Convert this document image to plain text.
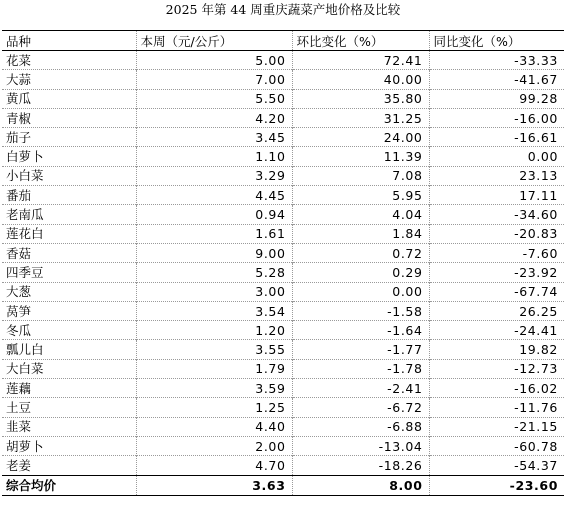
2025 年第 44 周重庆蔬菜产地价格及比较
品种	本周（元/公斤）	环比变化（%）	同比变化（%）
花菜	5.00	72.41	-33.33
大蒜	7.00	40.00	-41.67
黄瓜	5.50	35.80	99.28
青椒	4.20	31.25	-16.00
茄子	3.45	24.00	-16.61
白萝卜	1.10	11.39	0.00
小白菜	3.29	7.08	23.13
番茄	4.45	5.95	17.11
老南瓜	0.94	4.04	-34.60
莲花白	1.61	1.84	-20.83
香菇	9.00	0.72	-7.60
四季豆	5.28	0.29	-23.92
大葱	3.00	0.00	-67.74
莴笋	3.54	-1.58	26.25
冬瓜	1.20	-1.64	-24.41
瓢儿白	3.55	-1.77	19.82
大白菜	1.79	-1.78	-12.73
莲藕	3.59	-2.41	-16.02
土豆	1.25	-6.72	-11.76
韭菜	4.40	-6.88	-21.15
胡萝卜	2.00	-13.04	-60.78
老姜	4.70	-18.26	-54.37
综合均价	3.63	8.00	-23.60
